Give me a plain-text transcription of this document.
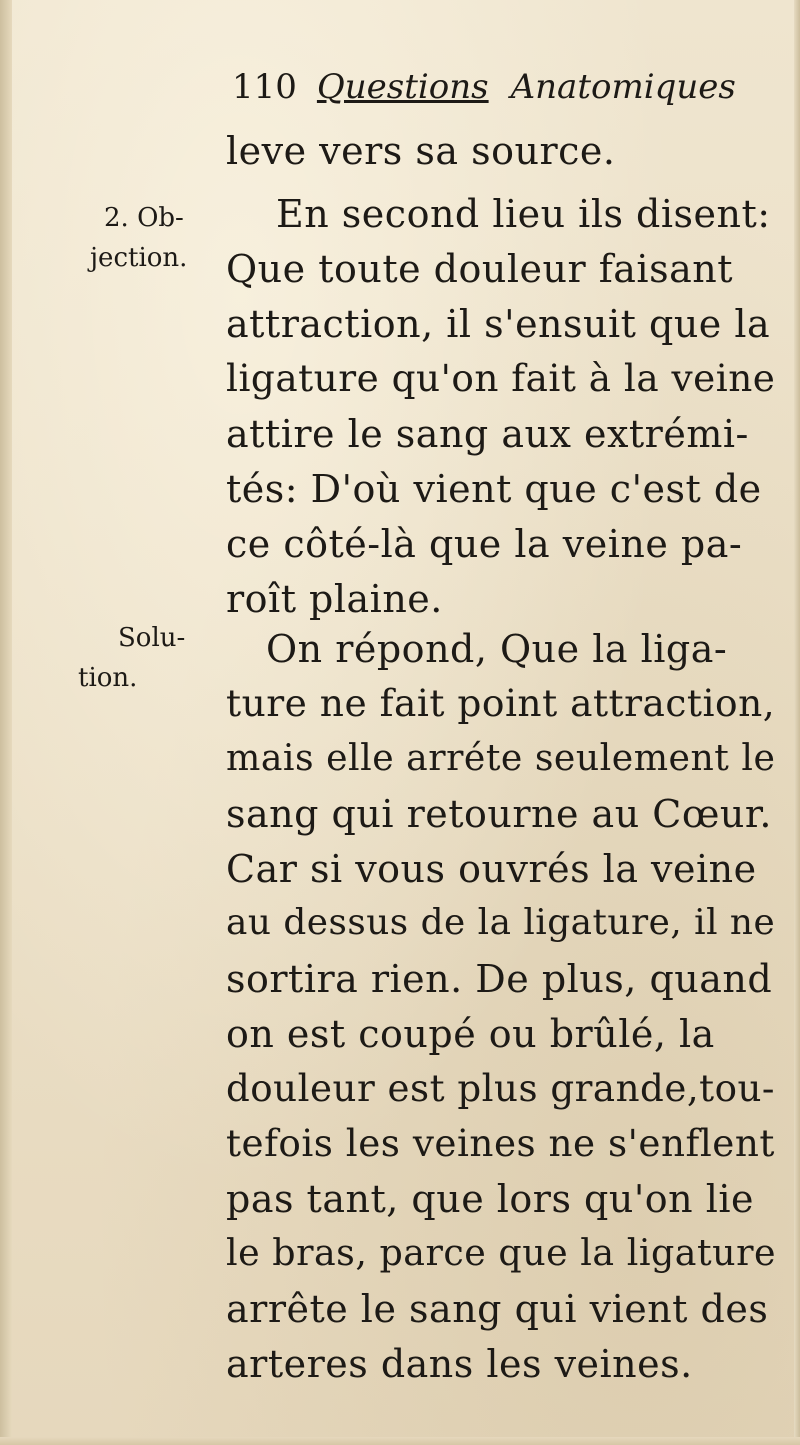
110 Questions Anatomiques
2. Ob-
jection.
Solu-
tion.
leve vers sa source.
En second lieu ils disent:
Que toute douleur faisant
attraction, il s'ensuit que la
ligature qu'on fait à la veine
attire le sang aux extrémi-
tés: D'où vient que c'est de
ce côté-là que la veine pa-
roît plaine.
On répond, Que la liga-
ture ne fait point attraction,
mais elle arréte seulement le
sang qui retourne au Cœur.
Car si vous ouvrés la veine
au dessus de la ligature, il ne
sortira rien. De plus, quand
on est coupé ou brûlé, la
douleur est plus grande,tou-
tefois les veines ne s'enflent
pas tant, que lors qu'on lie
le bras, parce que la ligature
arrête le sang qui vient des
arteres dans les veines.
